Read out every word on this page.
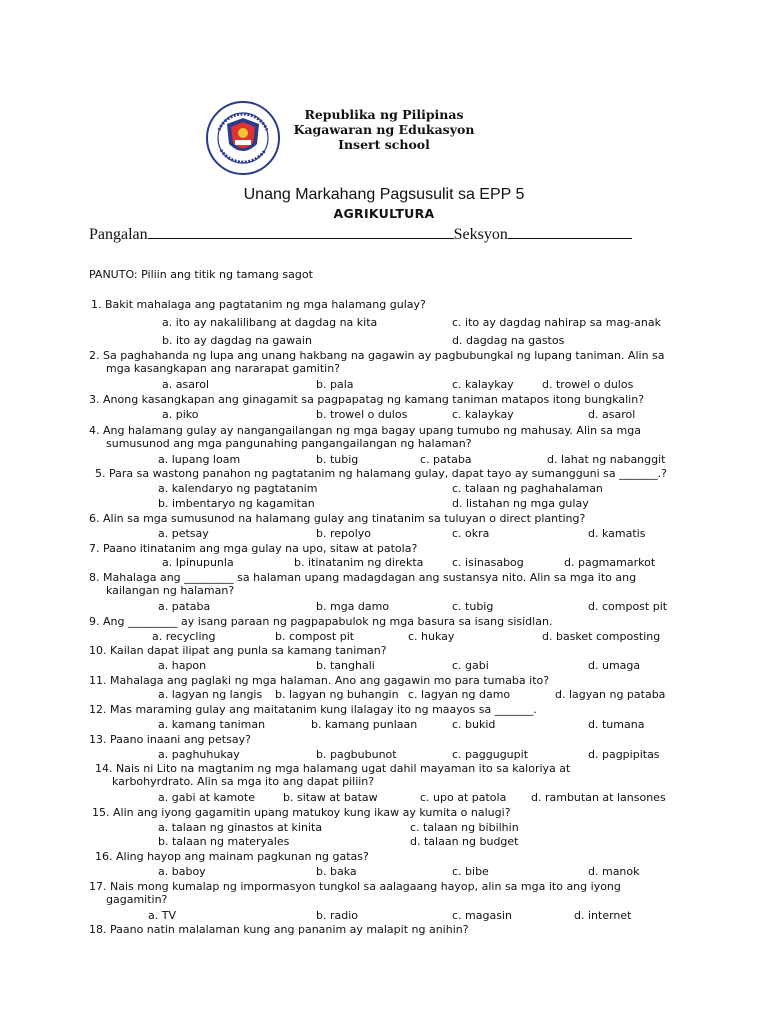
Republika ng Pilipinas
Kagawaran ng Edukasyon
Insert school
Unang Markahang Pagsusulit sa EPP 5
AGRIKULTURA
Pangalan	Seksyon
PANUTO: Piliin ang titik ng tamang sagot
1. Bakit mahalaga ang pagtatanim ng mga halamang gulay?
a. ito ay nakalilibang at dagdag na kita	c. ito ay dagdag nahirap sa mag-anak
b. ito ay dagdag na gawain	d. dagdag na gastos
2. Sa paghahanda ng lupa ang unang hakbang na gagawin ay pagbubungkal ng lupang taniman. Alin sa
mga kasangkapan ang nararapat gamitin?
a. asarol	b. pala	c. kalaykay	d. trowel o dulos
3. Anong kasangkapan ang ginagamit sa pagpapatag ng kamang taniman matapos itong bungkalin?
a. piko	b. trowel o dulos	c. kalaykay	d. asarol
4. Ang halamang gulay ay nangangailangan ng mga bagay upang tumubo ng mahusay. Alin sa mga
sumusunod ang mga pangunahing pangangailangan ng halaman?
a. lupang loam	b. tubig	c. pataba	d. lahat ng nabanggit
5. Para sa wastong panahon ng pagtatanim ng halamang gulay, dapat tayo ay sumangguni sa _______.?
a. kalendaryo ng pagtatanim	c. talaan ng paghahalaman
b. imbentaryo ng kagamitan	d. listahan ng mga gulay
6. Alin sa mga sumusunod na halamang gulay ang tinatanim sa tuluyan o direct planting?
a. petsay	b. repolyo	c. okra	d. kamatis
7. Paano itinatanim ang mga gulay na upo, sitaw at patola?
a. Ipinupunla	b. itinatanim ng direkta	c. isinasabog	d. pagmamarkot
8. Mahalaga ang _________ sa halaman upang madagdagan ang sustansya nito. Alin sa mga ito ang
kailangan ng halaman?
a. pataba	b. mga damo	c. tubig	d. compost pit
9. Ang _________ ay isang paraan ng pagpapabulok ng mga basura sa isang sisidlan.
a. recycling	b. compost pit	c. hukay	d. basket composting
10. Kailan dapat ilipat ang punla sa kamang taniman?
a. hapon	b. tanghali	c. gabi	d. umaga
11. Mahalaga ang paglaki ng mga halaman. Ano ang gagawin mo para tumaba ito?
a. lagyan ng langis b. lagyan ng buhangin c. lagyan ng damo	d. lagyan ng pataba
12. Mas maraming gulay ang maitatanim kung ilalagay ito ng maayos sa _______.
a. kamang taniman	b. kamang punlaan	c. bukid	d. tumana
13. Paano inaani ang petsay?
a. paghuhukay	b. pagbubunot	c. paggugupit	d. pagpipitas
14. Nais ni Lito na magtanim ng mga halamang ugat dahil mayaman ito sa kaloriya at
karbohyrdrato. Alin sa mga ito ang dapat piliin?
a. gabi at kamote	b. sitaw at bataw	c. upo at patola d. rambutan at lansones
15. Alin ang iyong gagamitin upang matukoy kung ikaw ay kumita o nalugi?
a. talaan ng ginastos at kinita	c. talaan ng bibilhin
b. talaan ng materyales	d. talaan ng budget
16. Aling hayop ang mainam pagkunan ng gatas?
a. baboy	b. baka	c. bibe	d. manok
17. Nais mong kumalap ng impormasyon tungkol sa aalagaang hayop, alin sa mga ito ang iyong
gagamitin?
a. TV	b. radio	c. magasin	d. internet
18. Paano natin malalaman kung ang pananim ay malapit ng anihin?
